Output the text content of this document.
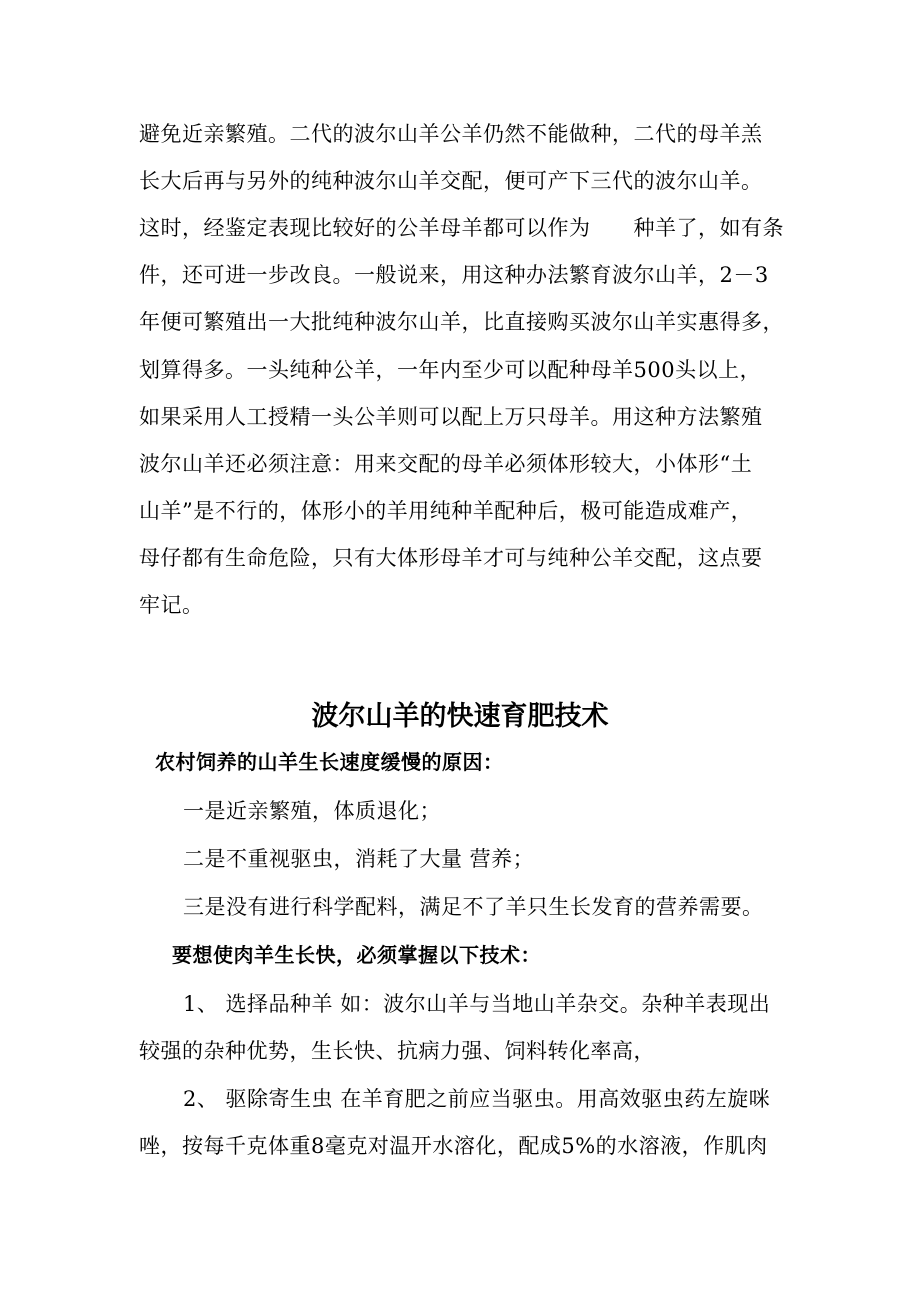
避免近亲繁殖。二代的波尔山羊公羊仍然不能做种，二代的母羊羔
长大后再与另外的纯种波尔山羊交配，便可产下三代的波尔山羊。
这时，经鉴定表现比较好的公羊母羊都可以作为　　种羊了，如有条
件，还可进一步改良。一般说来，用这种办法繁育波尔山羊，2－3
年便可繁殖出一大批纯种波尔山羊，比直接购买波尔山羊实惠得多，
划算得多。一头纯种公羊，一年内至少可以配种母羊500头以上，
如果采用人工授精一头公羊则可以配上万只母羊。用这种方法繁殖
波尔山羊还必须注意：用来交配的母羊必须体形较大，小体形“土
山羊”是不行的，体形小的羊用纯种羊配种后，极可能造成难产，
母仔都有生命危险，只有大体形母羊才可与纯种公羊交配，这点要
牢记。
波尔山羊的快速育肥技术
农村饲养的山羊生长速度缓慢的原因：
一是近亲繁殖，体质退化；
二是不重视驱虫，消耗了大量 营养；
三是没有进行科学配料，满足不了羊只生长发育的营养需要。
要想使肉羊生长快，必须掌握以下技术：
1、 选择品种羊 如：波尔山羊与当地山羊杂交。杂种羊表现出
较强的杂种优势，生长快、抗病力强、饲料转化率高，
2、 驱除寄生虫 在羊育肥之前应当驱虫。用高效驱虫药左旋咪
唑，按每千克体重8毫克对温开水溶化，配成5%的水溶液，作肌肉
